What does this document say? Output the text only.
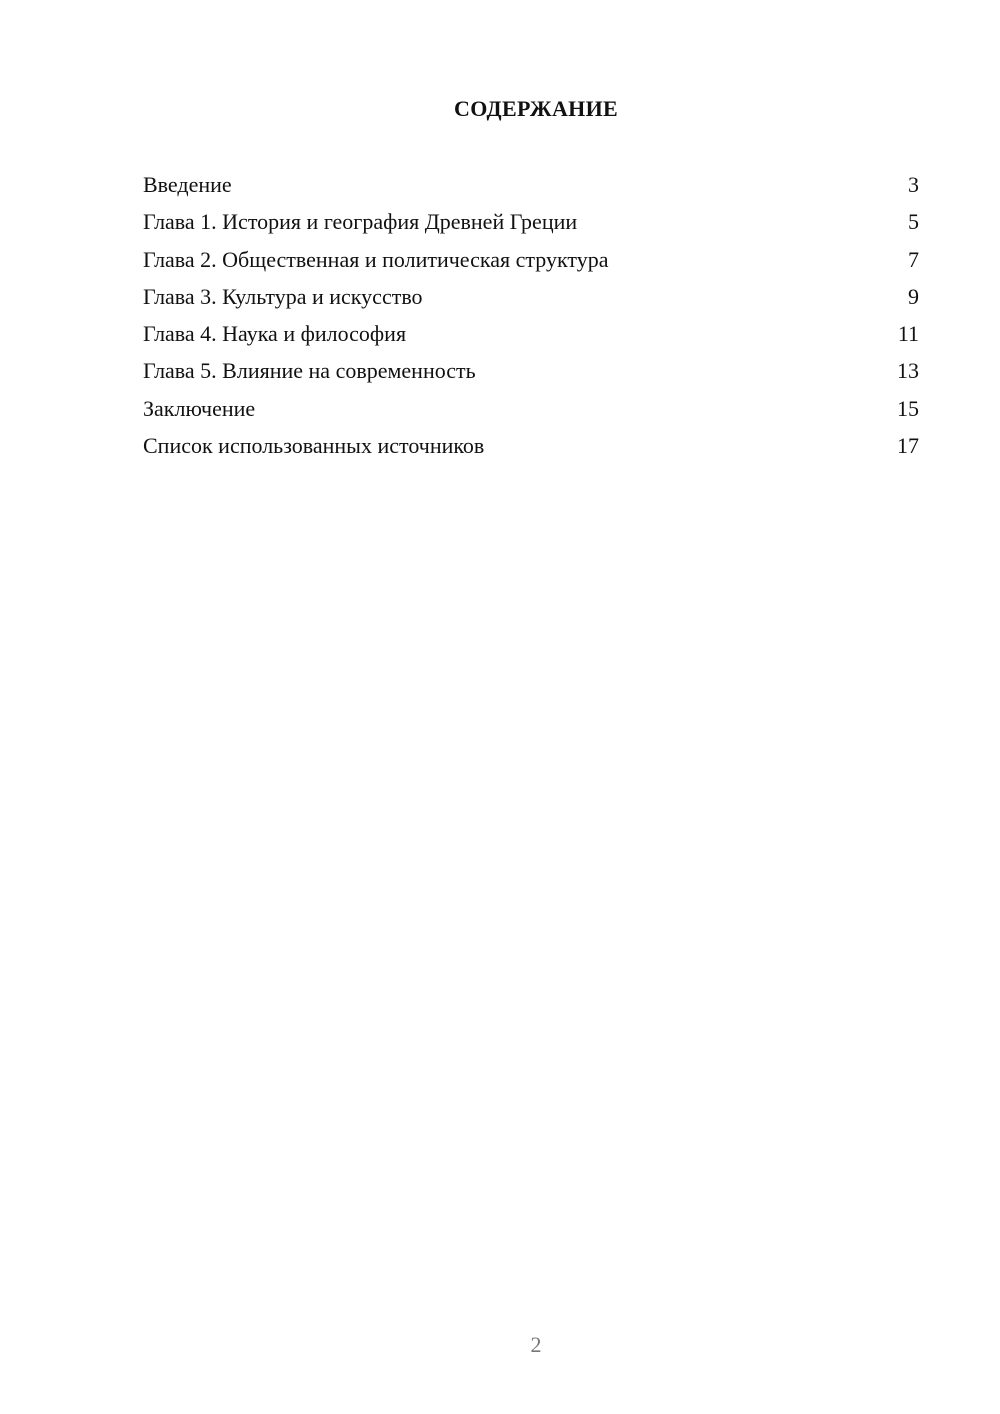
СОДЕРЖАНИЕ
Введение	3
Глава 1. История и география Древней Греции	5
Глава 2. Общественная и политическая структура	7
Глава 3. Культура и искусство	9
Глава 4. Наука и философия	11
Глава 5. Влияние на современность	13
Заключение	15
Список использованных источников	17
2
